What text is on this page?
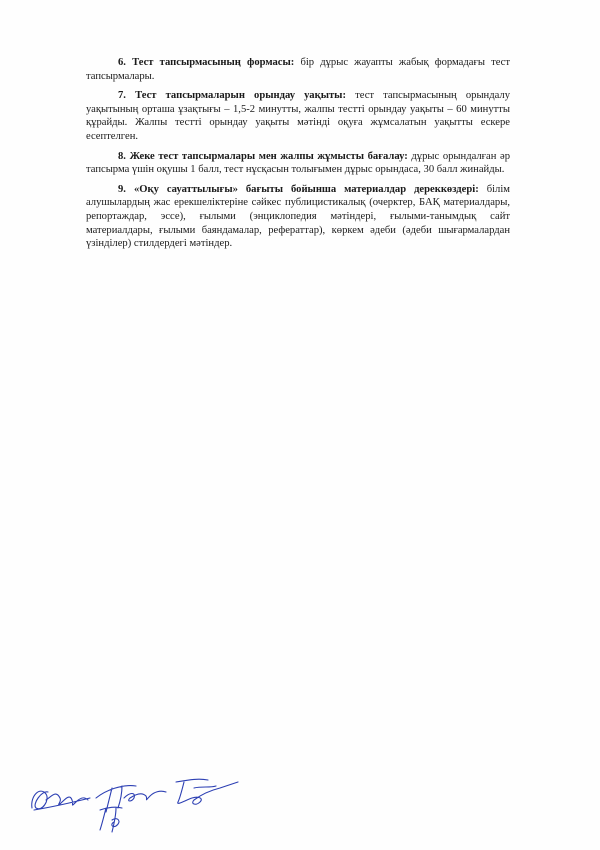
6. Тест тапсырмасының формасы: бір дұрыс жауапты жабық формадағы тест тапсырмалары.

7. Тест тапсырмаларын орындау уақыты: тест тапсырмасының орындалу уақытының орташа ұзақтығы – 1,5-2 минутты, жалпы тестті орындау уақыты – 60 минутты құрайды. Жалпы тестті орындау уақыты мәтінді оқуға жұмсалатын уақытты ескере есептелген.

8. Жеке тест тапсырмалары мен жалпы жұмысты бағалау: дұрыс орындалған әр тапсырма үшін оқушы 1 балл, тест нұсқасын толығымен дұрыс орындаса, 30 балл жинайды.

9. «Оқу сауаттылығы» бағыты бойынша материалдар дереккөздері: білім алушылардың жас ерекшеліктеріне сәйкес публицистикалық (очерктер, БАҚ материалдары, репортаждар, эссе), ғылыми (энциклопедия мәтіндері, ғылыми-танымдық сайт материалдары, ғылыми баяндамалар, рефераттар), көркем әдеби (әдеби шығармалардан үзінділер) стилдердегі мәтіндер.
